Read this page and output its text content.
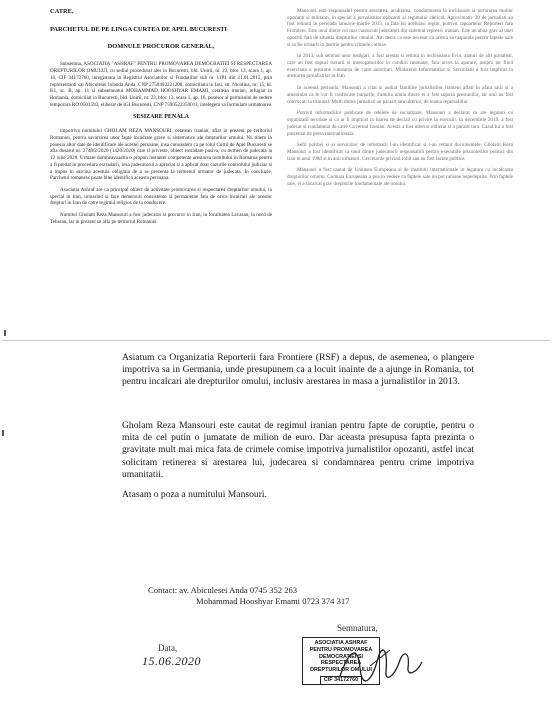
CATRE,
PARCHETUL DE PE LINGA CURTEA DE APEL BUCURESTI
DOMNULE PROCUROR GENERAL,

Subsemna, ASOCIATIA "ASHRAF" PENTRU PROMOVAREA DEMOCRATIEI SI RESPECTAREA DREPTURILOR OMULUI, cu sediul procedural ales in Bucuresti, bld. Unirii, nr. 23, bloc 13, scara 1, ap. 16, CIF 34172760, inregistrata in Registrul Asociatiilor si Fundatiilor sub nr. 11P1 din 21.01.2015, prin reprezentanti sai Abiculesei Iolanda Anda, CNP 2750402221200, domiciliata in Iasi, str. Nicolina, nr. 15, bl. K1, sc. B, ap. 11 si subsemnatul MOHAMMAD HOOSHYAR EMAMI, cetatean iranian, refugiat in Romania, domiciliat in Bucuresti, bld. Unirii, nr. 23, bloc 13, scara 1, ap. 16, posesor al permisului de sedere temporara RO 0503593, eliberat de IGI Bucuresti, CNP 7590522350011, intelegem sa formulam urmatoarea

SESIZARE PENALA

impotriva numitului GHOLAM REZA MANSOURI, cetatean iranian, aflat in prezent pe teritoriul Romaniei, pentru savarsirea unor fapte incadrate grave si sistematice ale drepturilor omului. Nu tinem in posesia altor date de identificare ale acestei persoane, insa cunoastem ca pe rolul Curtii de Apel Bucuresti se afla dosarul nr. 2748/2/2020 (1420/2020) care il priveste, obiect extradare pasiva, cu termen de judecata la 12 iulie 2020. Urmare dumneavoastra o propun instantei competente arestarea numitului in Romania pentru a fi predat in procedura extradarii, insa judecatorul a apreciat si a aplicat doar cazurile controlului judiciar si a impus in sarcina acestuia obligatia de a se prezenta la termenul urmator de judecata. In concluzie, Parchetul romanesc poate bine identifica aceasta persoana.

Asociatia Ashraf are ca principal obiect de activitate promovarea si respectarea drepturilor omului, in special in Iran, urmarind si face demersuri consistente si permanente fata de orice incalcari ale acestor drepturi in Iran de catre regimul religios de la conducere.

Numitul Gholam Reza Mansouri a fost judecator si procuror in Iran, in localitatea Lavasan, la nord de Teheran, iar in prezent se afla pe teritoriul Romaniei.

Mansouri este responsabil pentru arestarea, aciditatea, condamnarea la inchisoare si torturarea multor opozanti si militanti, in special a jurnalistilor opozanti ai regimului clerical. Aproximativ 20 de jurnalisti au fost retinuti in perioada ianuarie-martie 2013, in fata lui aceluiasi regim, potrivit rapoartelor Reporteri fara Frontiere. Este unul dintre cei mai cunoscuti judecatori din sistemul represiv iranian. Este un abuz grav al unei opozitii fata de situatia drepturilor omului. Am decis ca este necesar ca acesta sa raspunda pentru faptele sale si sa fie urmarit in justitie pentru crimele comise.

In 2013, sub semnul unor instigari, a fost arestat si retinut in inchisoarea Evin, alaturi de alti jurnalisti, care au fost supusi torturii si interogatoriilor in conditii inumane, fara acces la aparare, asupra lor fiind exercitata o presiune constanta de catre autoritati. Ministerul Informatiilor si Securitatii a fost implicat in arestarea jurnalistilor in Iran.

In aceeasi perioada, Mansouri a citat si audiat familiile jurnalistilor iranieni aflati in afara tarii si a amenintat ca le vor fi confiscate bunurile. Familia unuia dintre ei a fost supusa presiunilor, iar unii au fost convocati la tribunal. Multi dintre jurnalisti au parasit tara ulterior, de teama represaliilor.

Potrivit informatiilor publicate de retelele de socializare, Mansouri a declarat ca are legaturi cu organizatii teroriste si ca ar fi implicat in luarea de decizii cu privire la executii. In decembrie 2019, a fost judecat si condamnat de catre Guvernul Iranian. Acesta a fost ulterior eliberat si a parasit tara. Cazul lui a fost prezentat de presa internationala.

Sefii politiei si ai serviciilor de informatii l-au identificat si i-au retinut documentele. Gholam Reza Mansouri a fost identificat ca unul dintre judecatorii responsabili pentru executiile prizonierilor politici din Iran in anul 1988 si in anii urmatori. Cercetarile privind rolul sau au fost facute publice.

Mansouri a fost cautat de Uniunea Europeana si de institutii internationale in legatura cu incalcarea drepturilor omului. Comisia Europeana a pus in vedere ca faptele sale nu pot ramane nepedepsite. Prin faptele sale, el a incalcat grav drepturile fundamentale ale omului.

Asiatum ca Organizatia Reporterii fara Frontiere (RSF) a depus, de asemenea, o plangere impotriva sa in Germania, unde presupunem ca a locuit inainte de a ajunge in Romania, tot pentru incalcari ale drepturilor omului, inclusiv arestarea in masa a jurnalistilor in 2013.

Gholam Reza Mansouri este cautat de regimul iranian pentru fapte de coruptie, pentru o mita de cel putin o jumatate de milion de euro. Dar aceasta presupusa fapta prezinta o gravitate mult mai mica fata de crimele comise impotriva jurnalistilor opozanti, astfel incat solicitam retinerea si arestarea lui, judecarea si condamnarea pentru crime impotriva umanitatii.

Atasam o poza a numitului Mansouri.

Contact: av. Abiculesei Anda 0745 352 263
Mohammad Hooshyar Emami 0723 374 317
Data,
15.06.2020
Semnatura,
ASOCIATIA ASHRAF
PENTRU PROMOVAREA
DEMOCRATIEI SI RESPECTAREA
DREPTURILOR OMULUI
CIF 34172760
